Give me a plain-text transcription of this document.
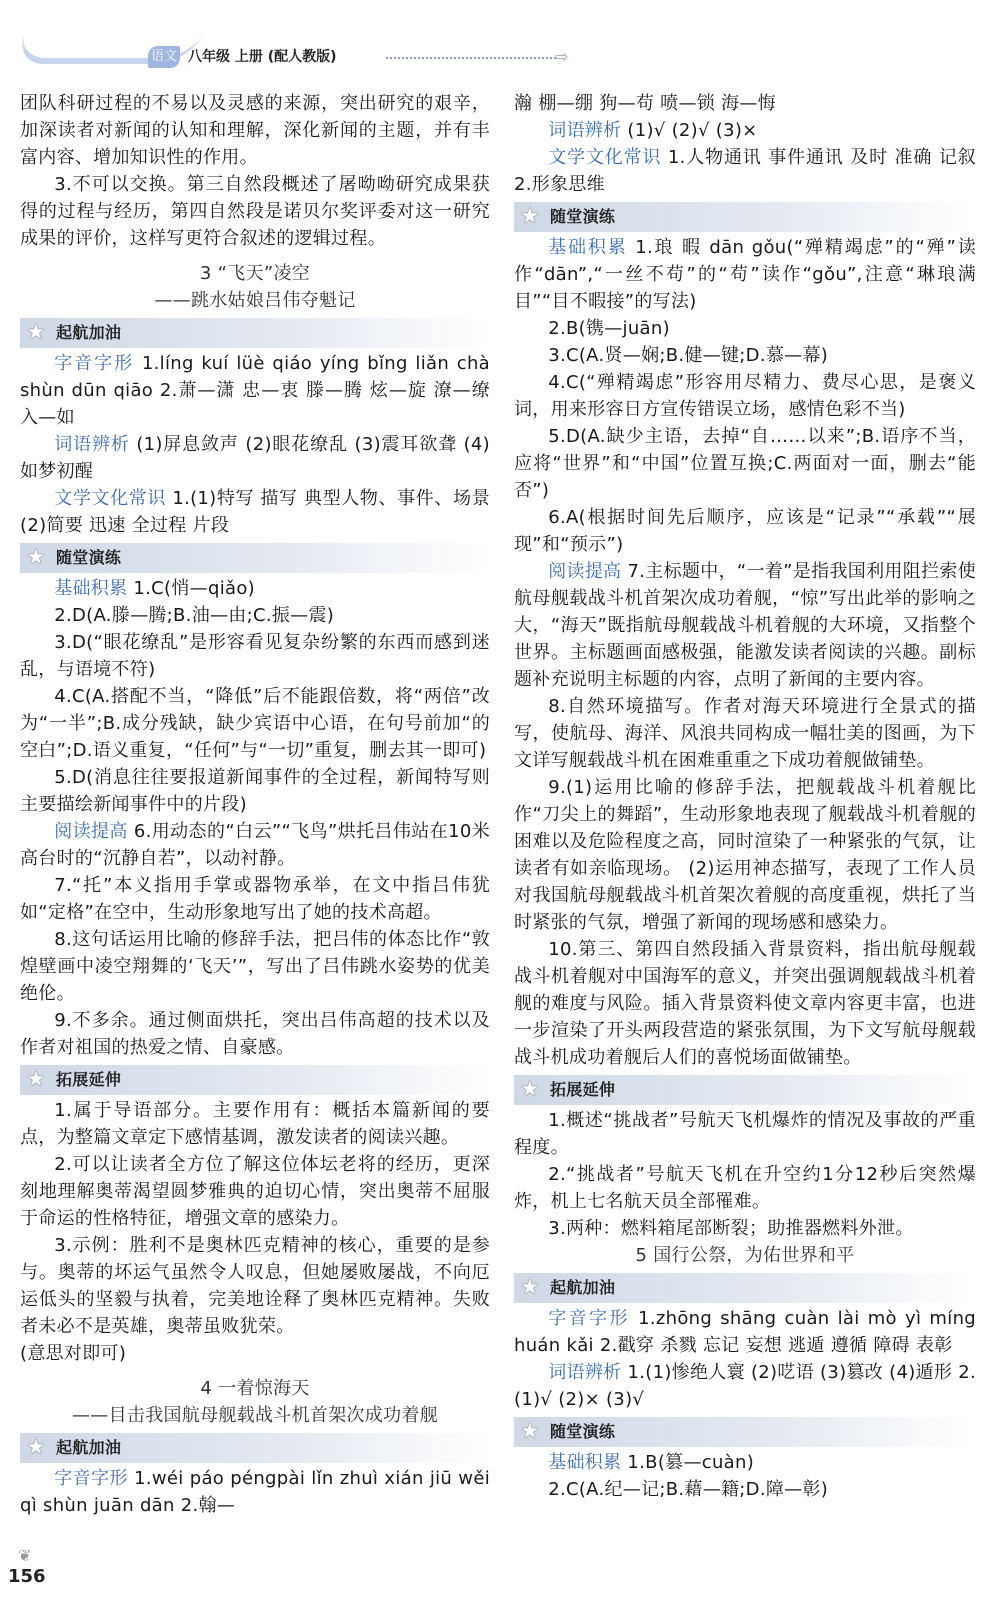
语文 八年级 上册 (配人教版)	⇨

团队科研过程的不易以及灵感的来源，突出研究的艰辛，加深读者对新闻的认知和理解，深化新闻的主题，并有丰富内容、增加知识性的作用。

3.不可以交换。第三自然段概述了屠呦呦研究成果获得的过程与经历，第四自然段是诺贝尔奖评委对这一研究成果的评价，这样写更符合叙述的逻辑过程。

3 “飞天”凌空

——跳水姑娘吕伟夺魁记

★ 起航加油

字音字形 1.líng kuí lüè qiáo yíng bǐng liǎn chà shùn dūn qiāo 2.萧—潇 忠—衷 滕—腾 炫—旋 潦—缭 入—如

词语辨析 (1)屏息敛声 (2)眼花缭乱 (3)震耳欲聋 (4)如梦初醒

文学文化常识 1.(1)特写 描写 典型人物、事件、场景 (2)简要 迅速 全过程 片段

★ 随堂演练

基础积累 1.C(悄—qiǎo)

2.D(A.滕—腾;B.油—由;C.振—震)

3.D(“眼花缭乱”是形容看见复杂纷繁的东西而感到迷乱，与语境不符)

4.C(A.搭配不当，“降低”后不能跟倍数，将“两倍”改为“一半”;B.成分残缺，缺少宾语中心语，在句号前加“的空白”;D.语义重复，“任何”与“一切”重复，删去其一即可)

5.D(消息往往要报道新闻事件的全过程，新闻特写则主要描绘新闻事件中的片段)

阅读提高 6.用动态的“白云”“飞鸟”烘托吕伟站在10米高台时的“沉静自若”，以动衬静。

7.“托”本义指用手掌或器物承举，在文中指吕伟犹如“定格”在空中，生动形象地写出了她的技术高超。

8.这句话运用比喻的修辞手法，把吕伟的体态比作“敦煌壁画中凌空翔舞的‘飞天’”，写出了吕伟跳水姿势的优美绝伦。

9.不多余。通过侧面烘托，突出吕伟高超的技术以及作者对祖国的热爱之情、自豪感。

★ 拓展延伸

1.属于导语部分。主要作用有：概括本篇新闻的要点，为整篇文章定下感情基调，激发读者的阅读兴趣。

2.可以让读者全方位了解这位体坛老将的经历，更深刻地理解奥蒂渴望圆梦雅典的迫切心情，突出奥蒂不屈服于命运的性格特征，增强文章的感染力。

3.示例：胜利不是奥林匹克精神的核心，重要的是参与。奥蒂的坏运气虽然令人叹息，但她屡败屡战，不向厄运低头的坚毅与执着，完美地诠释了奥林匹克精神。失败者未必不是英雄，奥蒂虽败犹荣。

(意思对即可)

4 一着惊海天

——目击我国航母舰载战斗机首架次成功着舰

★ 起航加油

字音字形 1.wéi páo péngpài lǐn zhuì xián jiū wěi qì shùn juān dān 2.翰—

瀚 棚—绷 狗—苟 喷—锁 海—悔

词语辨析 (1)√ (2)√ (3)×

文学文化常识 1.人物通讯 事件通讯 及时 准确 记叙 2.形象思维

★ 随堂演练

基础积累 1.琅 暇 dān gǒu(“殚精竭虑”的“殚”读作“dān”,“一丝不苟”的“苟”读作“gǒu”,注意“琳琅满目”“目不暇接”的写法)

2.B(镌—juān)

3.C(A.贤—娴;B.健—键;D.慕—幕)

4.C(“殚精竭虑”形容用尽精力、费尽心思，是褒义词，用来形容日方宣传错误立场，感情色彩不当)

5.D(A.缺少主语，去掉“自……以来”;B.语序不当，应将“世界”和“中国”位置互换;C.两面对一面，删去“能否”)

6.A(根据时间先后顺序，应该是“记录”“承载”“展现”和“预示”)

阅读提高 7.主标题中，“一着”是指我国利用阻拦索使航母舰载战斗机首架次成功着舰，“惊”写出此举的影响之大，“海天”既指航母舰载战斗机着舰的大环境，又指整个世界。主标题画面感极强，能激发读者阅读的兴趣。副标题补充说明主标题的内容，点明了新闻的主要内容。

8.自然环境描写。作者对海天环境进行全景式的描写，使航母、海洋、风浪共同构成一幅壮美的图画，为下文详写舰载战斗机在困难重重之下成功着舰做铺垫。

9.(1)运用比喻的修辞手法，把舰载战斗机着舰比作“刀尖上的舞蹈”，生动形象地表现了舰载战斗机着舰的困难以及危险程度之高，同时渲染了一种紧张的气氛，让读者有如亲临现场。 (2)运用神态描写，表现了工作人员对我国航母舰载战斗机首架次着舰的高度重视，烘托了当时紧张的气氛，增强了新闻的现场感和感染力。

10.第三、第四自然段插入背景资料，指出航母舰载战斗机着舰对中国海军的意义，并突出强调舰载战斗机着舰的难度与风险。插入背景资料使文章内容更丰富，也进一步渲染了开头两段营造的紧张氛围，为下文写航母舰载战斗机成功着舰后人们的喜悦场面做铺垫。

★ 拓展延伸

1.概述“挑战者”号航天飞机爆炸的情况及事故的严重程度。

2.“挑战者”号航天飞机在升空约1分12秒后突然爆炸，机上七名航天员全部罹难。

3.两种：燃料箱尾部断裂；助推器燃料外泄。

5 国行公祭，为佑世界和平

★ 起航加油

字音字形 1.zhōng shāng cuàn lài mò yì míng huán kǎi 2.戳穿 杀戮 忘记 妄想 逃遁 遵循 障碍 表彰

词语辨析 1.(1)惨绝人寰 (2)呓语 (3)篡改 (4)遁形 2.(1)√ (2)× (3)√

★ 随堂演练

基础积累 1.B(篡—cuàn)

2.C(A.纪—记;B.藉—籍;D.障—彰)

❦
156
